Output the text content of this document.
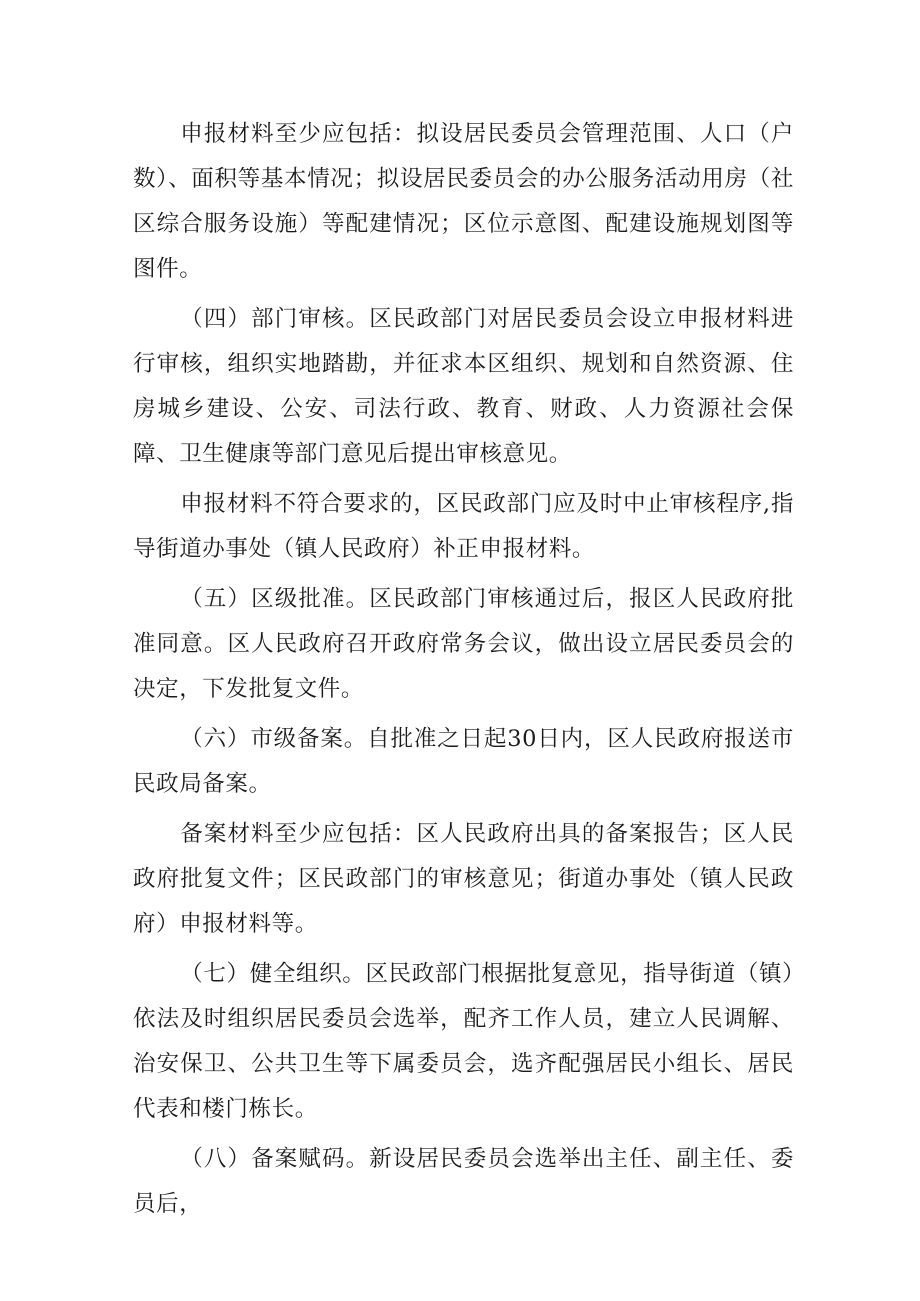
申报材料至少应包括：拟设居民委员会管理范围、人口（户数）、面积等基本情况；拟设居民委员会的办公服务活动用房（社区综合服务设施）等配建情况；区位示意图、配建设施规划图等图件。

（四）部门审核。区民政部门对居民委员会设立申报材料进行审核，组织实地踏勘，并征求本区组织、规划和自然资源、住房城乡建设、公安、司法行政、教育、财政、人力资源社会保障、卫生健康等部门意见后提出审核意见。

申报材料不符合要求的，区民政部门应及时中止审核程序,指导街道办事处（镇人民政府）补正申报材料。

（五）区级批准。区民政部门审核通过后，报区人民政府批准同意。区人民政府召开政府常务会议，做出设立居民委员会的决定，下发批复文件。

（六）市级备案。自批准之日起30日内，区人民政府报送市民政局备案。

备案材料至少应包括：区人民政府出具的备案报告；区人民政府批复文件；区民政部门的审核意见；街道办事处（镇人民政府）申报材料等。

（七）健全组织。区民政部门根据批复意见，指导街道（镇）依法及时组织居民委员会选举，配齐工作人员，建立人民调解、治安保卫、公共卫生等下属委员会，选齐配强居民小组长、居民代表和楼门栋长。

（八）备案赋码。新设居民委员会选举出主任、副主任、委员后，
